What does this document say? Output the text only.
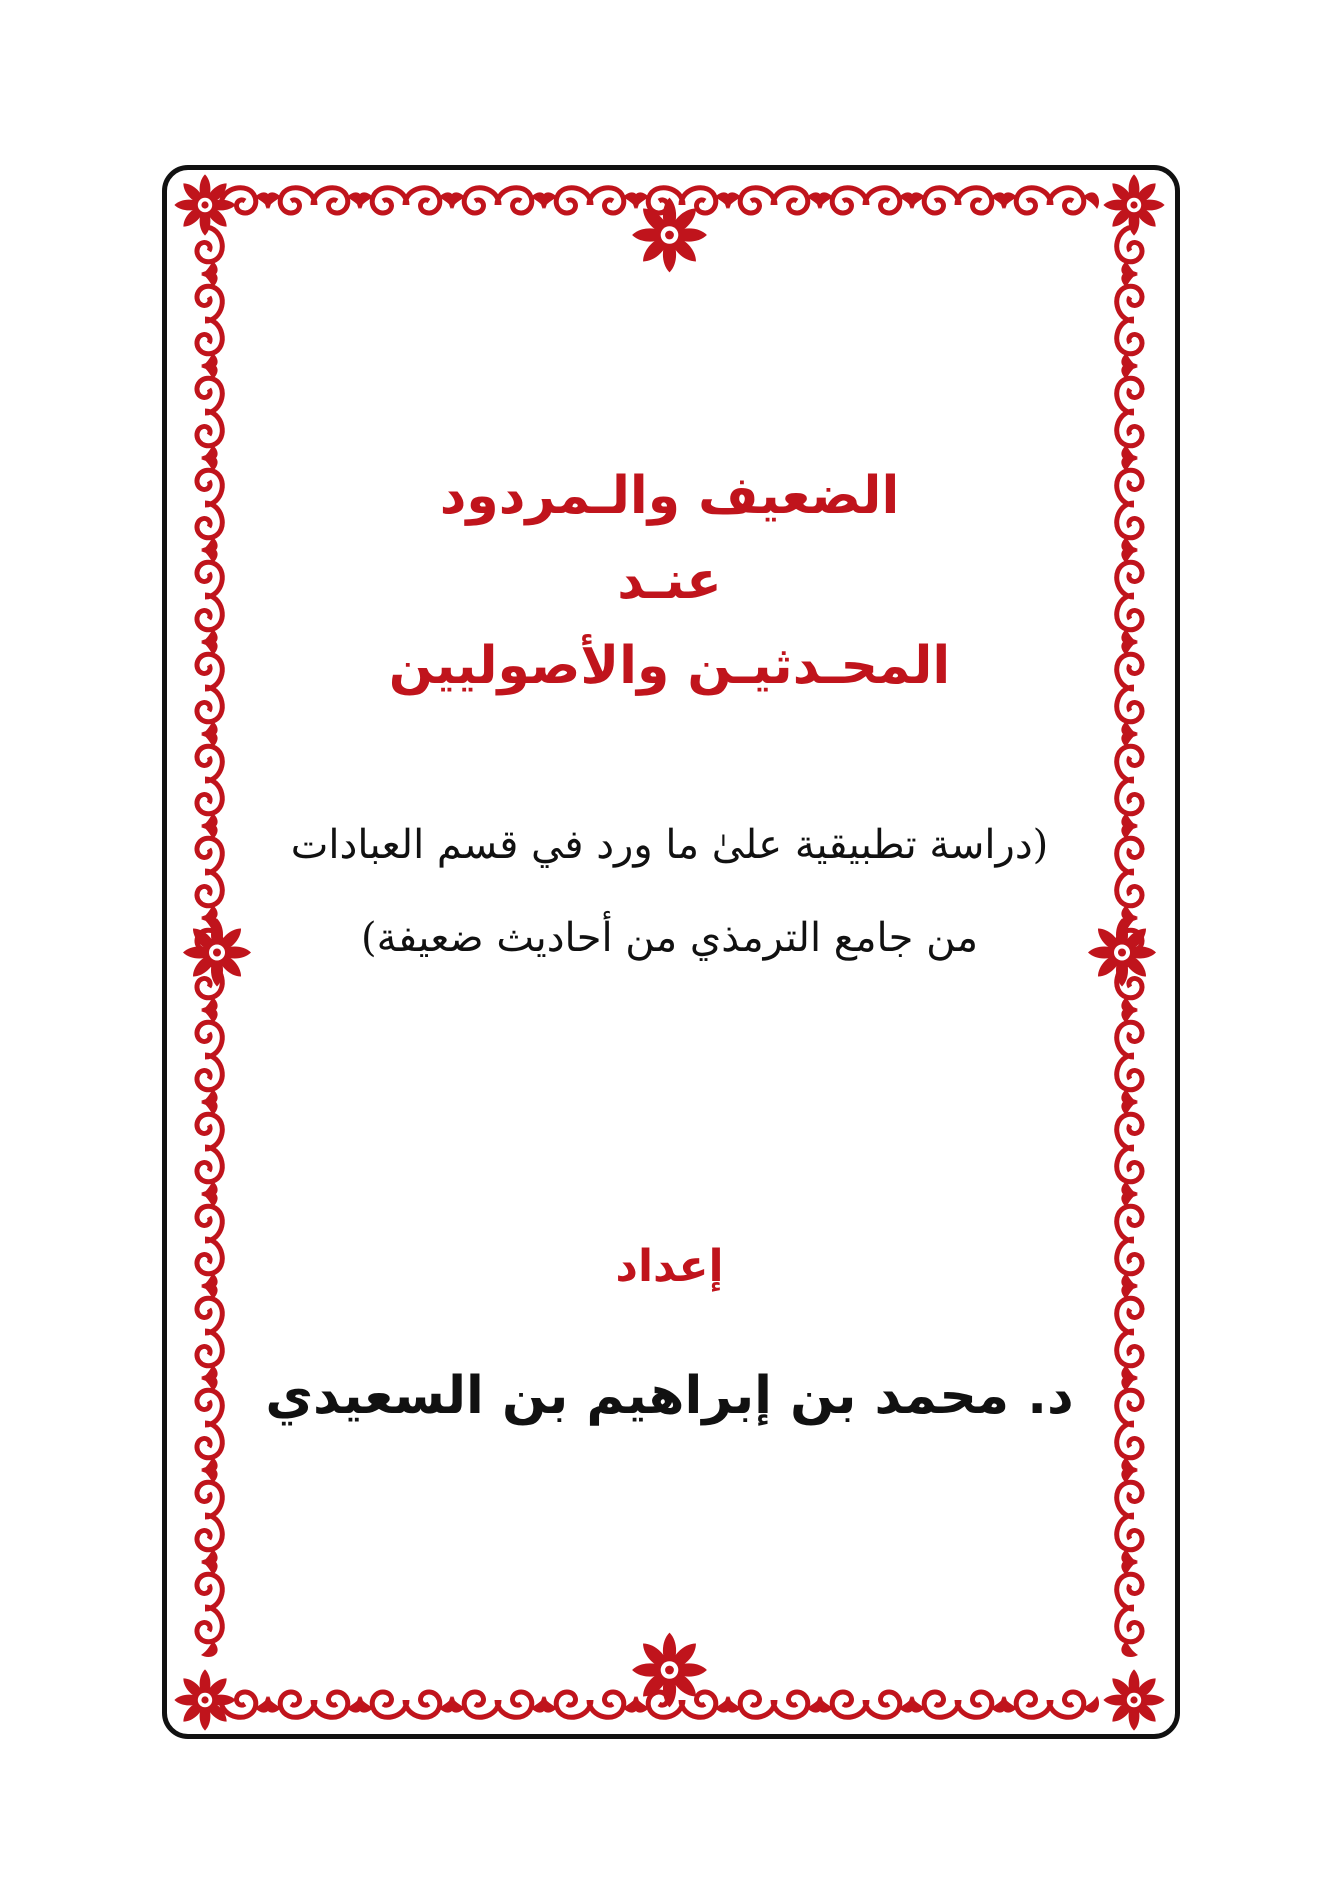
الضعيف والـمردود
عنـد
المحـدثيـن والأصوليين
(دراسة تطبيقية علىٰ ما ورد في قسم العبادات
من جامع الترمذي من أحاديث ضعيفة)
إعداد
د. محمد بن إبراهيم بن السعيدي
